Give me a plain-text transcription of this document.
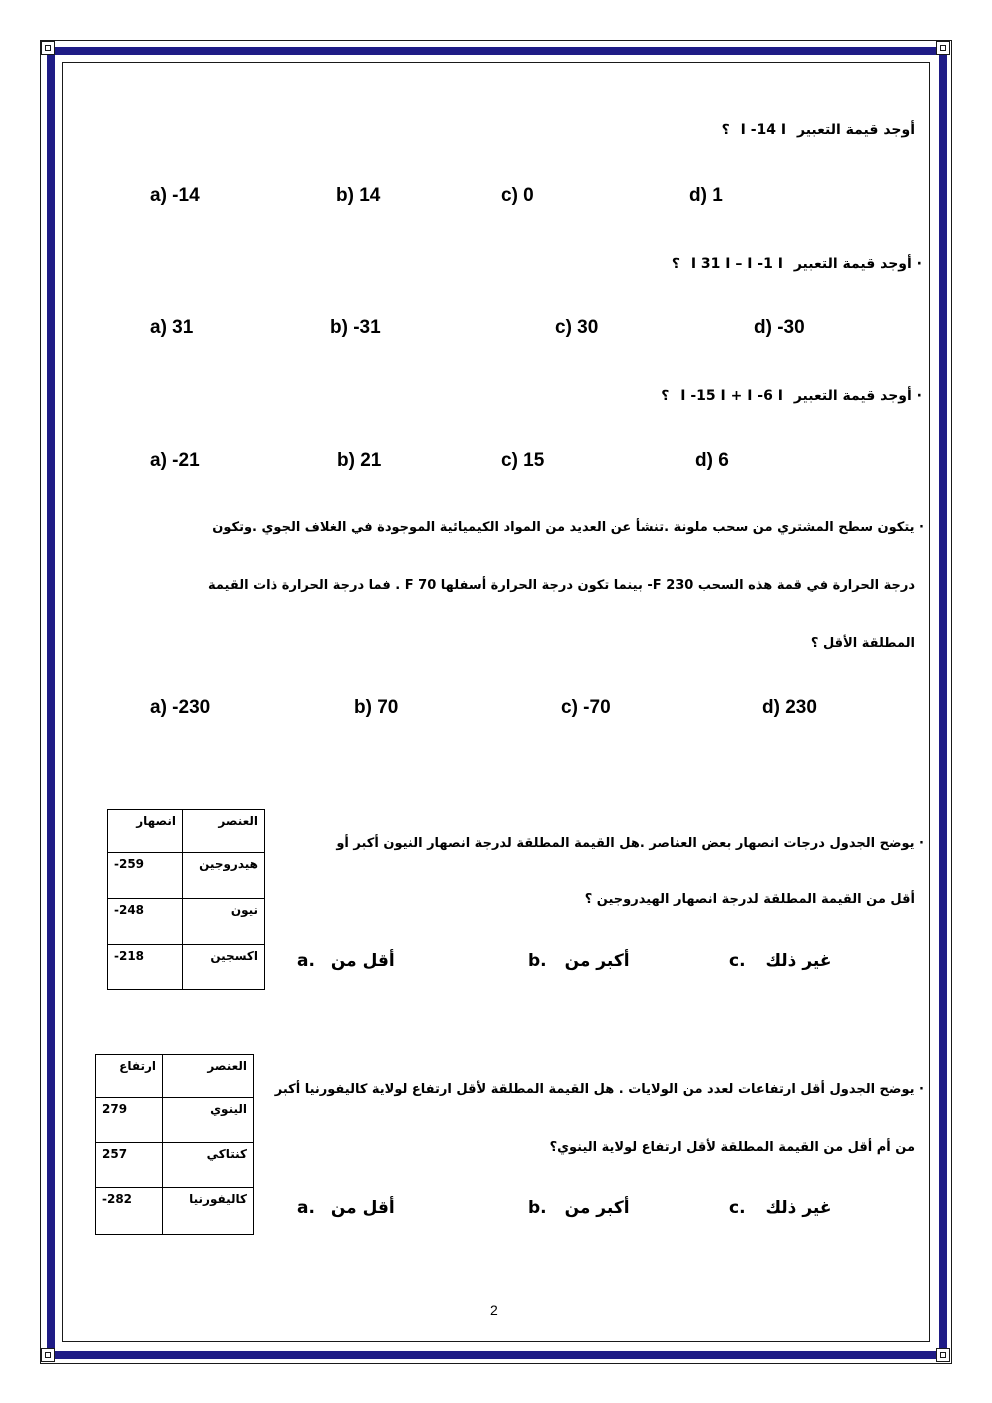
أوجد قيمة التعبير I -14 I ؟
a) -14	b) 14	c) 0	d) 1
· أوجد قيمة التعبير I 31 I – I -1 I ؟
a) 31	b) -31	c) 30	d) -30
· أوجد قيمة التعبير I -15 I + I -6 I ؟
a) -21	b) 21	c) 15	d) 6
· يتكون سطح المشتري من سحب ملونة .تنشأ عن العديد من المواد الكيميائية الموجودة في الغلاف الجوي .وتكون
درجة الحرارة في قمة هذه السحب 230 F- بينما تكون درجة الحرارة أسفلها 70 F . فما درجة الحرارة ذات القيمة
المطلقة الأقل ؟
a) -230	b) 70	c) -70	d) 230
انصهار	العنصر
-259	هيدروجين
-248	نيون
-218	اكسجين
· يوضح الجدول درجات انصهار بعض العناصر .هل القيمة المطلقة لدرجة انصهار النيون أكبر أو
أقل من القيمة المطلقة لدرجة انصهار الهيدروجين ؟
a. أقل من	b. أكبر من	c. غير ذلك
ارتفاع	العنصر
279	الينوي
257	كنتاكي
-282	كاليفورنيا
· يوضح الجدول أقل ارتفاعات لعدد من الولايات . هل القيمة المطلقة لأقل ارتفاع لولاية كاليفورنيا أكبر
من أم أقل من القيمة المطلقة لأقل ارتفاع لولاية الينوي؟
a. أقل من	b. أكبر من	c. غير ذلك
2
